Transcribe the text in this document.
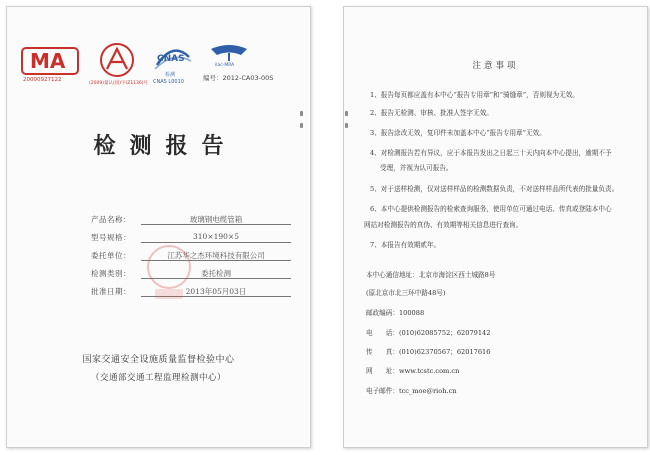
MA
20000927122
(2009)量认(国)字(Z1136)号
CNAS
检测
CNAS L0010
ilac-MRA
编号：2012-CA03-00S
检测报告
产品名称：	玻璃钢电缆管箱
型号规格：	310×190×5
委托单位：	江苏华之杰环境科技有限公司
检测类别：	委托检测
批准日期：	2013年05月03日
国家交通安全设施质量监督检验中心
（交通部交通工程监理检测中心）
注意事项
1、报告每页都应盖有本中心“报告专用章”和“骑缝章”，否则视为无效。
2、报告无检测、审核、批准人签字无效。
3、报告涂改无效，复印件未加盖本中心“报告专用章”无效。
4、对检测报告若有异议，应于本报告发出之日起三十天内向本中心提出，逾期不予
受理，并视为认可报告。
5、对于送样检测，仅对送样样品的检测数据负责，不对送样样品所代表的批量负责。
6、本中心提供检测报告的检索查询服务，使用单位可通过电话、传真或登陆本中心
网站对检测报告的真伪、有效期等相关信息进行查询。
7、本报告有效期贰年。
本中心通信地址：北京市海淀区西土城路8号
(原北京市北三环中路48号)
邮政编码：100088
电　　话：(010)62085752；62079142
传　　真：(010)62370567；62017616
网　　址：www.tcstc.com.cn
电子邮件：tcc_moe@rioh.cn
